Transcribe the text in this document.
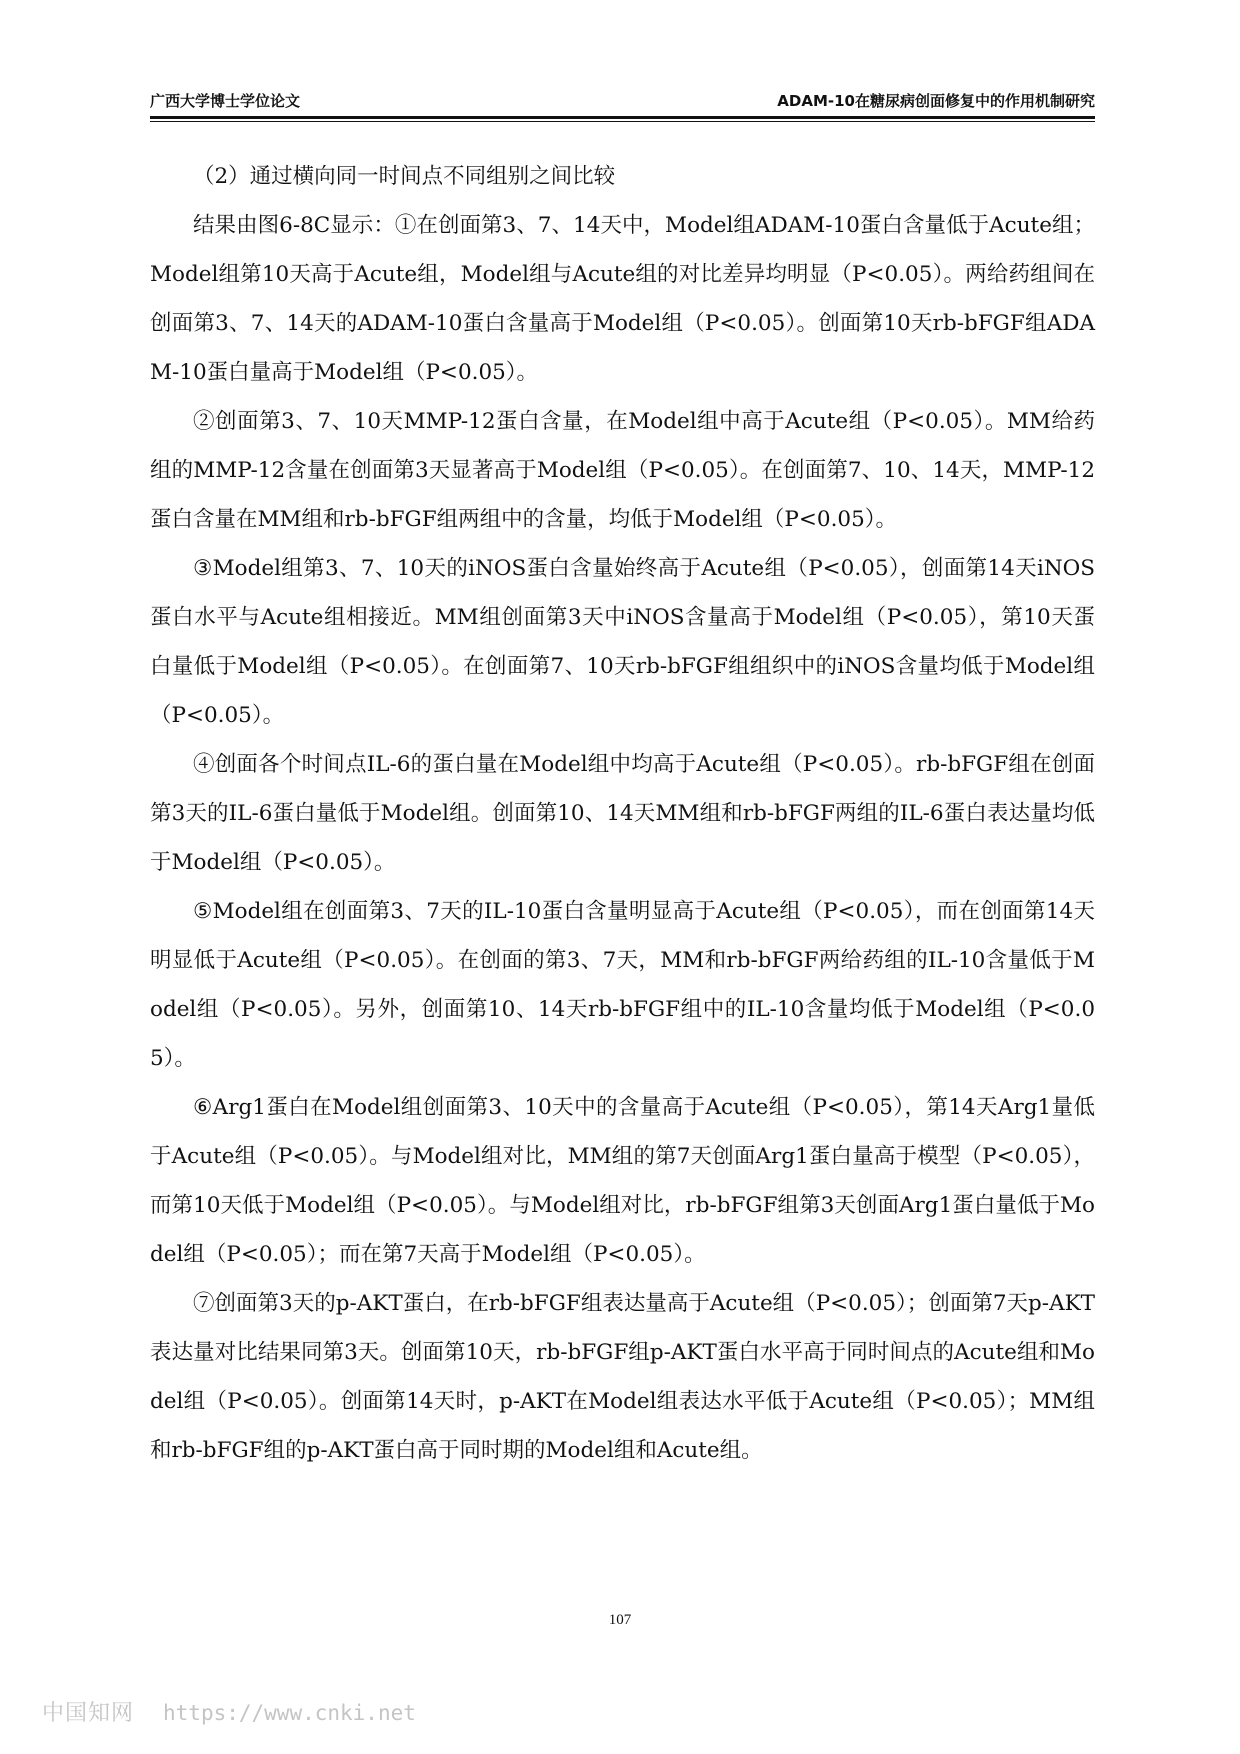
广西大学博士学位论文	ADAM-10在糖尿病创面修复中的作用机制研究

（2）通过横向同一时间点不同组别之间比较

结果由图6-8C显示：①在创面第3、7、14天中，Model组ADAM-10蛋白含量低于Acute组；Model组第10天高于Acute组，Model组与Acute组的对比差异均明显（P<0.05）。两给药组间在创面第3、7、14天的ADAM-10蛋白含量高于Model组（P<0.05）。创面第10天rb-bFGF组ADAM-10蛋白量高于Model组（P<0.05）。

②创面第3、7、10天MMP-12蛋白含量，在Model组中高于Acute组（P<0.05）。MM给药组的MMP-12含量在创面第3天显著高于Model组（P<0.05）。在创面第7、10、14天，MMP-12蛋白含量在MM组和rb-bFGF组两组中的含量，均低于Model组（P<0.05）。

③Model组第3、7、10天的iNOS蛋白含量始终高于Acute组（P<0.05），创面第14天iNOS蛋白水平与Acute组相接近。MM组创面第3天中iNOS含量高于Model组（P<0.05），第10天蛋白量低于Model组（P<0.05）。在创面第7、10天rb-bFGF组组织中的iNOS含量均低于Model组（P<0.05）。

④创面各个时间点IL-6的蛋白量在Model组中均高于Acute组（P<0.05）。rb-bFGF组在创面第3天的IL-6蛋白量低于Model组。创面第10、14天MM组和rb-bFGF两组的IL-6蛋白表达量均低于Model组（P<0.05）。

⑤Model组在创面第3、7天的IL-10蛋白含量明显高于Acute组（P<0.05），而在创面第14天明显低于Acute组（P<0.05）。在创面的第3、7天，MM和rb-bFGF两给药组的IL-10含量低于Model组（P<0.05）。另外，创面第10、14天rb-bFGF组中的IL-10含量均低于Model组（P<0.05）。

⑥Arg1蛋白在Model组创面第3、10天中的含量高于Acute组（P<0.05），第14天Arg1量低于Acute组（P<0.05）。与Model组对比，MM组的第7天创面Arg1蛋白量高于模型（P<0.05），而第10天低于Model组（P<0.05）。与Model组对比，rb-bFGF组第3天创面Arg1蛋白量低于Model组（P<0.05）；而在第7天高于Model组（P<0.05）。

⑦创面第3天的p-AKT蛋白，在rb-bFGF组表达量高于Acute组（P<0.05）；创面第7天p-AKT表达量对比结果同第3天。创面第10天，rb-bFGF组p-AKT蛋白水平高于同时间点的Acute组和Model组（P<0.05）。创面第14天时，p-AKT在Model组表达水平低于Acute组（P<0.05）；MM组和rb-bFGF组的p-AKT蛋白高于同时期的Model组和Acute组。

107
中国知网 https://www.cnki.net
